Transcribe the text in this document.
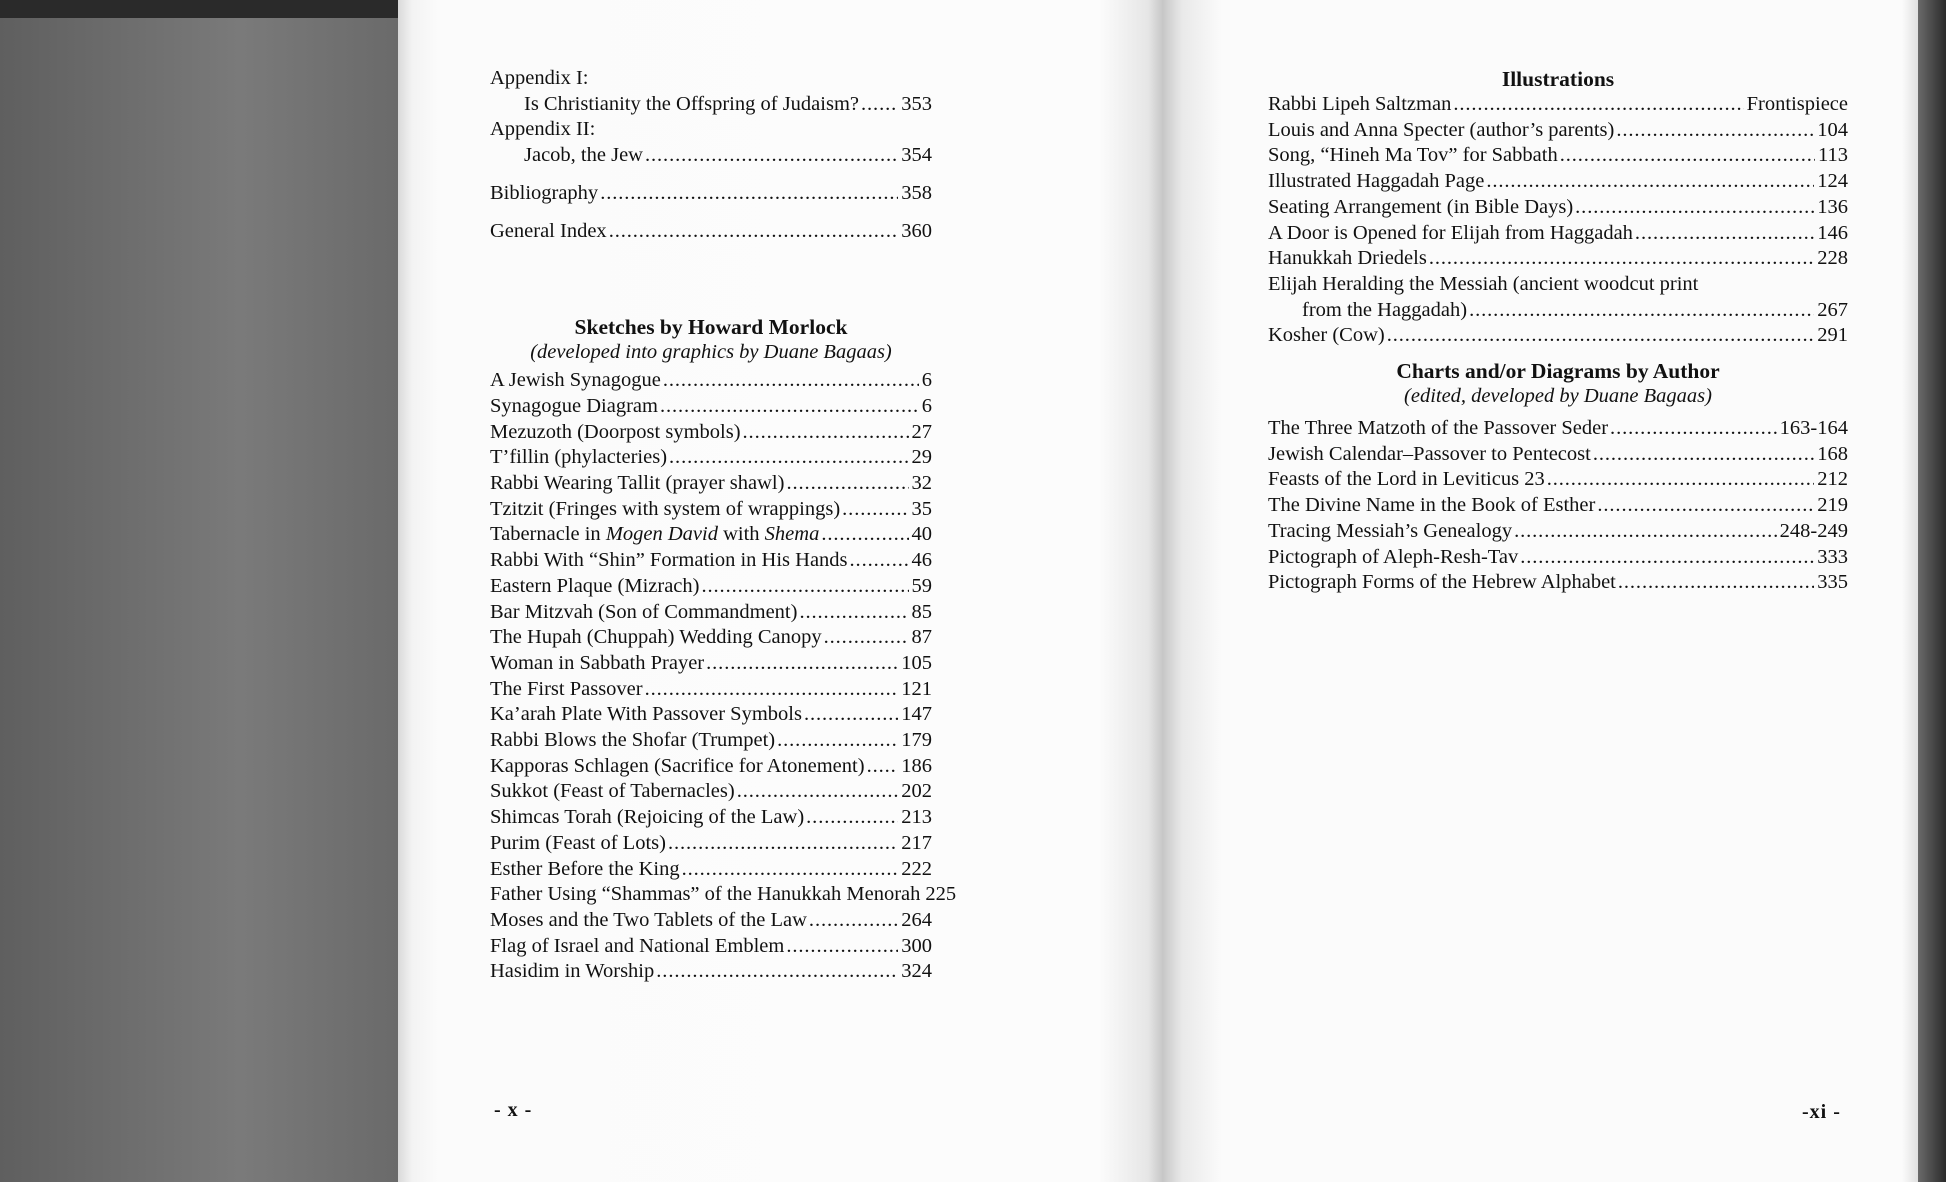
Appendix I:
Is Christianity the Offspring of Judaism? ..... 353
Appendix II:
Jacob, the Jew .....	354
Bibliography .....	358
General Index .....	360
Sketches by Howard Morlock
(developed into graphics by Duane Bagaas)
A Jewish Synagogue .....	6
Synagogue Diagram .....	6
Mezuzoth (Doorpost symbols) .....	27
T’fillin (phylacteries) .....	29
Rabbi Wearing Tallit (prayer shawl) .....	32
Tzitzit (Fringes with system of wrappings) .....	35
Tabernacle in Mogen David with Shema .....	40
Rabbi With “Shin” Formation in His Hands .....	46
Eastern Plaque (Mizrach) .....	59
Bar Mitzvah (Son of Commandment) .....	85
The Hupah (Chuppah) Wedding Canopy .....	87
Woman in Sabbath Prayer .....	105
The First Passover .....	121
Ka’arah Plate With Passover Symbols .....	147
Rabbi Blows the Shofar (Trumpet) .....	179
Kapporas Schlagen (Sacrifice for Atonement) ..... 186
Sukkot (Feast of Tabernacles) .....	202
Shimcas Torah (Rejoicing of the Law) .....	213
Purim (Feast of Lots) .....	217
Esther Before the King .....	222
Father Using “Shammas” of the Hanukkah Menorah 225
Moses and the Two Tablets of the Law .....	264
Flag of Israel and National Emblem .....	300
Hasidim in Worship .....	324
- x -
Illustrations
Rabbi Lipeh Saltzman .....	Frontispiece
Louis and Anna Specter (author’s parents) .....	104
Song, “Hineh Ma Tov” for Sabbath .....	113
Illustrated Haggadah Page .....	124
Seating Arrangement (in Bible Days) .....	136
A Door is Opened for Elijah from Haggadah .....	146
Hanukkah Driedels .....	228
Elijah Heralding the Messiah (ancient woodcut print
from the Haggadah) .....	267
Kosher (Cow) .....	291
Charts and/or Diagrams by Author
(edited, developed by Duane Bagaas)
The Three Matzoth of the Passover Seder .....	163-164
Jewish Calendar–Passover to Pentecost .....	168
Feasts of the Lord in Leviticus 23 .....	212
The Divine Name in the Book of Esther .....	219
Tracing Messiah’s Genealogy .....	248-249
Pictograph of Aleph-Resh-Tav .....	333
Pictograph Forms of the Hebrew Alphabet .....	335
-xi -
